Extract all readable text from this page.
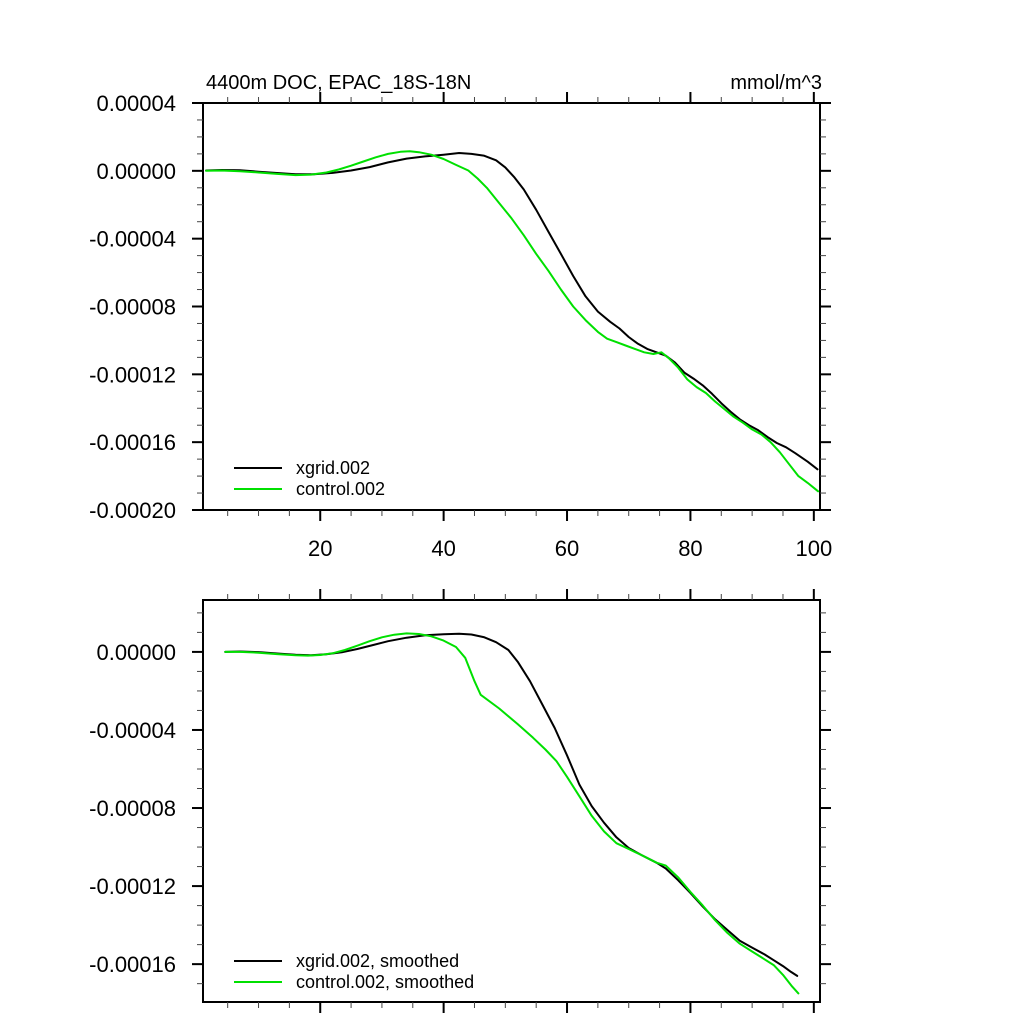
20	40	60	80	100
0.00004
0.00000
-0.00004
-0.00008
-0.00012
-0.00016
-0.00020
0.00000
-0.00004
-0.00008
-0.00012
-0.00016
4400m DOC, EPAC_18S-18N	mmol/m^3
xgrid.002
control.002
xgrid.002, smoothed
control.002, smoothed
